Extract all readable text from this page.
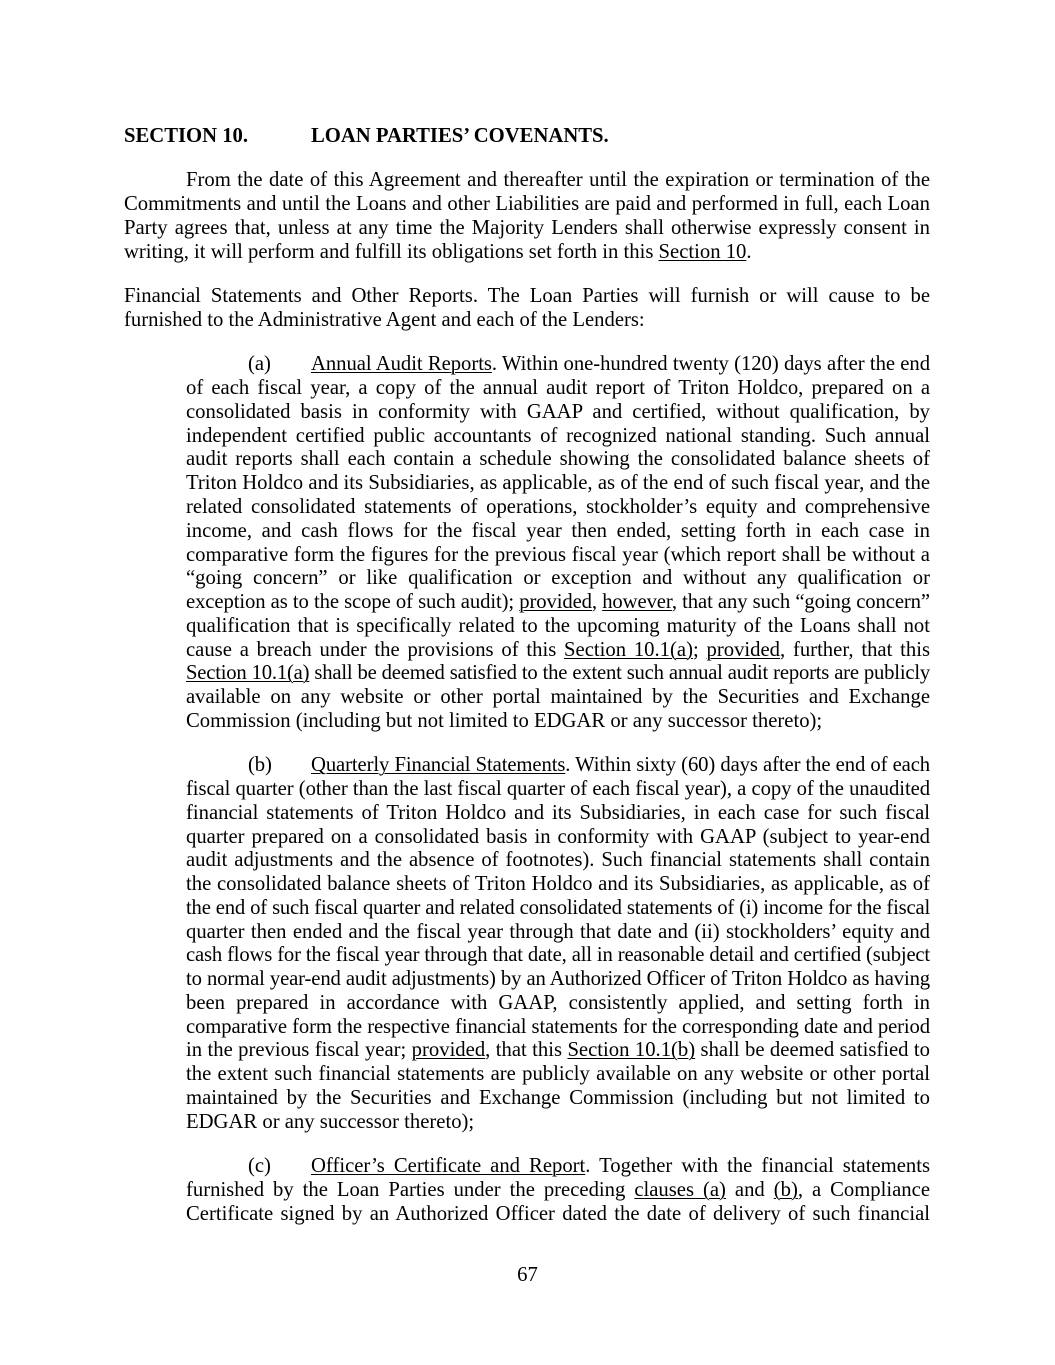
SECTION 10.	LOAN PARTIES’ COVENANTS.
From the date of this Agreement and thereafter until the expiration or termination of the
Commitments and until the Loans and other Liabilities are paid and performed in full, each Loan
Party agrees that, unless at any time the Majority Lenders shall otherwise expressly consent in
writing, it will perform and fulfill its obligations set forth in this Section 10.
Financial Statements and Other Reports. The Loan Parties will furnish or will cause to be
furnished to the Administrative Agent and each of the Lenders:
(a) Annual Audit Reports. Within one-hundred twenty (120) days after the end
of each fiscal year, a copy of the annual audit report of Triton Holdco, prepared on a
consolidated basis in conformity with GAAP and certified, without qualification, by
independent certified public accountants of recognized national standing. Such annual
audit reports shall each contain a schedule showing the consolidated balance sheets of
Triton Holdco and its Subsidiaries, as applicable, as of the end of such fiscal year, and the
related consolidated statements of operations, stockholder’s equity and comprehensive
income, and cash flows for the fiscal year then ended, setting forth in each case in
comparative form the figures for the previous fiscal year (which report shall be without a
“going concern” or like qualification or exception and without any qualification or
exception as to the scope of such audit); provided, however, that any such “going concern”
qualification that is specifically related to the upcoming maturity of the Loans shall not
cause a breach under the provisions of this Section 10.1(a); provided, further, that this
Section 10.1(a) shall be deemed satisfied to the extent such annual audit reports are publicly
available on any website or other portal maintained by the Securities and Exchange
Commission (including but not limited to EDGAR or any successor thereto);
(b) Quarterly Financial Statements. Within sixty (60) days after the end of each
fiscal quarter (other than the last fiscal quarter of each fiscal year), a copy of the unaudited
financial statements of Triton Holdco and its Subsidiaries, in each case for such fiscal
quarter prepared on a consolidated basis in conformity with GAAP (subject to year-end
audit adjustments and the absence of footnotes). Such financial statements shall contain
the consolidated balance sheets of Triton Holdco and its Subsidiaries, as applicable, as of
the end of such fiscal quarter and related consolidated statements of (i) income for the fiscal
quarter then ended and the fiscal year through that date and (ii) stockholders’ equity and
cash flows for the fiscal year through that date, all in reasonable detail and certified (subject
to normal year-end audit adjustments) by an Authorized Officer of Triton Holdco as having
been prepared in accordance with GAAP, consistently applied, and setting forth in
comparative form the respective financial statements for the corresponding date and period
in the previous fiscal year; provided, that this Section 10.1(b) shall be deemed satisfied to
the extent such financial statements are publicly available on any website or other portal
maintained by the Securities and Exchange Commission (including but not limited to
EDGAR or any successor thereto);
(c) Officer’s Certificate and Report. Together with the financial statements
furnished by the Loan Parties under the preceding clauses (a) and (b), a Compliance
Certificate signed by an Authorized Officer dated the date of delivery of such financial
67
